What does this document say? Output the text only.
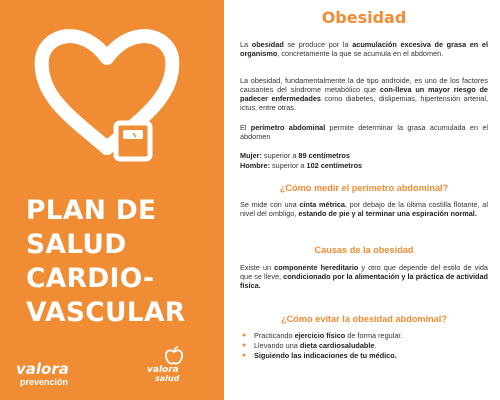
PLAN DE
SALUD
CARDIO-
VASCULAR
valora
prevención
valora
salud
Obesidad

La obesidad se produce por la acumulación excesiva de grasa en el organismo, concretamente la que se acumula en el abdomen.

La obesidad, fundamentalmente la de tipo androide, es uno de los factores causantes del síndrome metabólico que con-lleva un mayor riesgo de padecer enfermedades como diabetes, dislipemias, hipertensión arterial, ictus, entre otras.

El perímetro abdominal permite determinar la grasa acumulada en el abdomen

Mujer: superior a 89 centímetros

Hombre: superior a 102 centímetros

¿Cómo medir el perímetro abdominal?

Se mide con una cinta métrica, por debajo de la última costilla flotante, al nivel del ombligo, estando de pie y al terminar una espiración normal.

Causas de la obesidad

Existe un componente hereditario y otro que depende del estilo de vida que se lleve, condicionado por la alimentación y la práctica de actividad física.

¿Cómo evitar la obesidad abdominal?
● Practicando ejercicio físico de forma regular.
● Llevando una dieta cardiosaludable.
● Siguiendo las indicaciones de tu médico.
